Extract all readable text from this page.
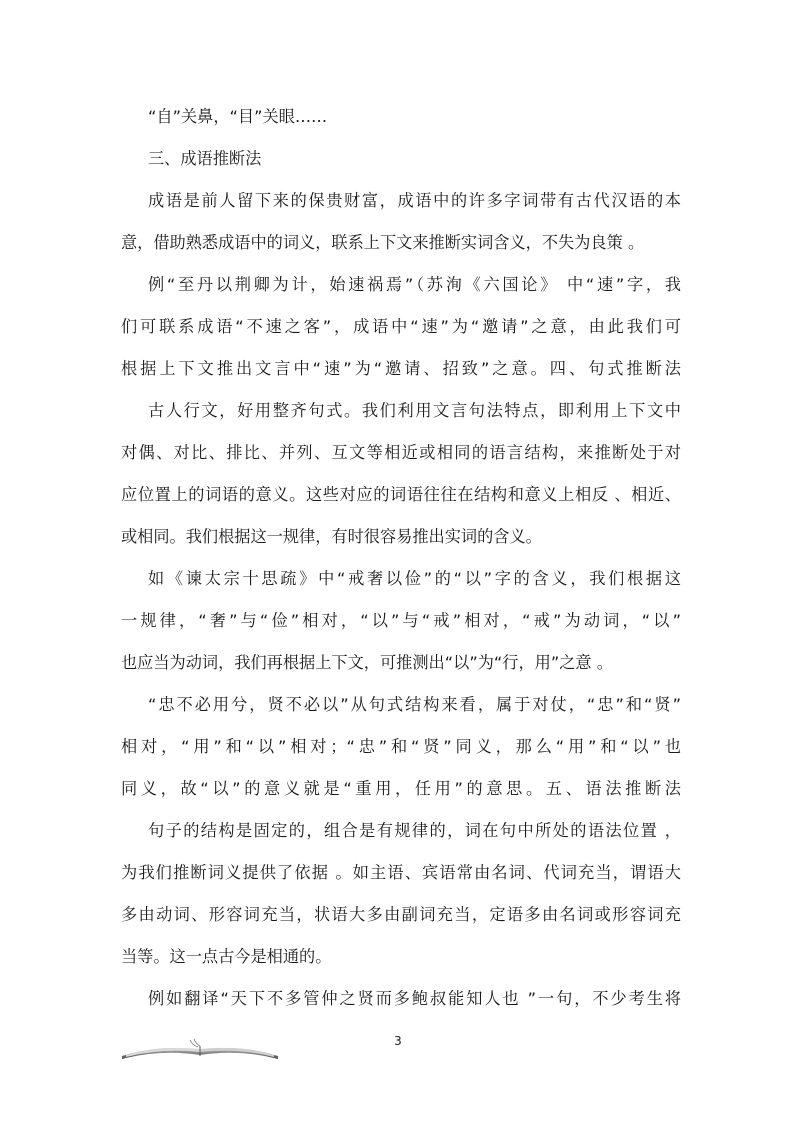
“自”关鼻，“目”关眼……
三、成语推断法
成语是前人留下来的保贵财富，成语中的许多字词带有古代汉语的本
意，借助熟悉成语中的词义，联系上下文来推断实词含义，不失为良策 。
例“至丹以荆卿为计，始速祸焉”（苏洵《六国论》 中“速”字，我
们可联系成语“不速之客”，成语中“速”为“邀请”之意，由此我们可
根据上下文推出文言中“速”为“邀请、招致”之意。四、句式推断法
古人行文，好用整齐句式。我们利用文言句法特点，即利用上下文中
对偶、对比、排比、并列、互文等相近或相同的语言结构，来推断处于对
应位置上的词语的意义。这些对应的词语往往在结构和意义上相反 、相近、
或相同。我们根据这一规律，有时很容易推出实词的含义。
如《谏太宗十思疏》中“戒奢以俭”的“以”字的含义，我们根据这
一规律，“奢”与“俭”相对，“以”与“戒”相对，“戒”为动词，“以”
也应当为动词，我们再根据上下文，可推测出“以”为“行，用”之意 。
“忠不必用兮，贤不必以”从句式结构来看，属于对仗，“忠”和“贤”
相对，“用”和“以”相对；“忠”和“贤”同义，那么“用”和“以”也
同义，故“以”的意义就是“重用，任用”的意思。五、语法推断法
句子的结构是固定的，组合是有规律的，词在句中所处的语法位置 ，
为我们推断词义提供了依据 。如主语、宾语常由名词、代词充当，谓语大
多由动词、形容词充当，状语大多由副词充当，定语多由名词或形容词充
当等。这一点古今是相通的。
例如翻译“天下不多管仲之贤而多鲍叔能知人也 ”一句，不少考生将
3
